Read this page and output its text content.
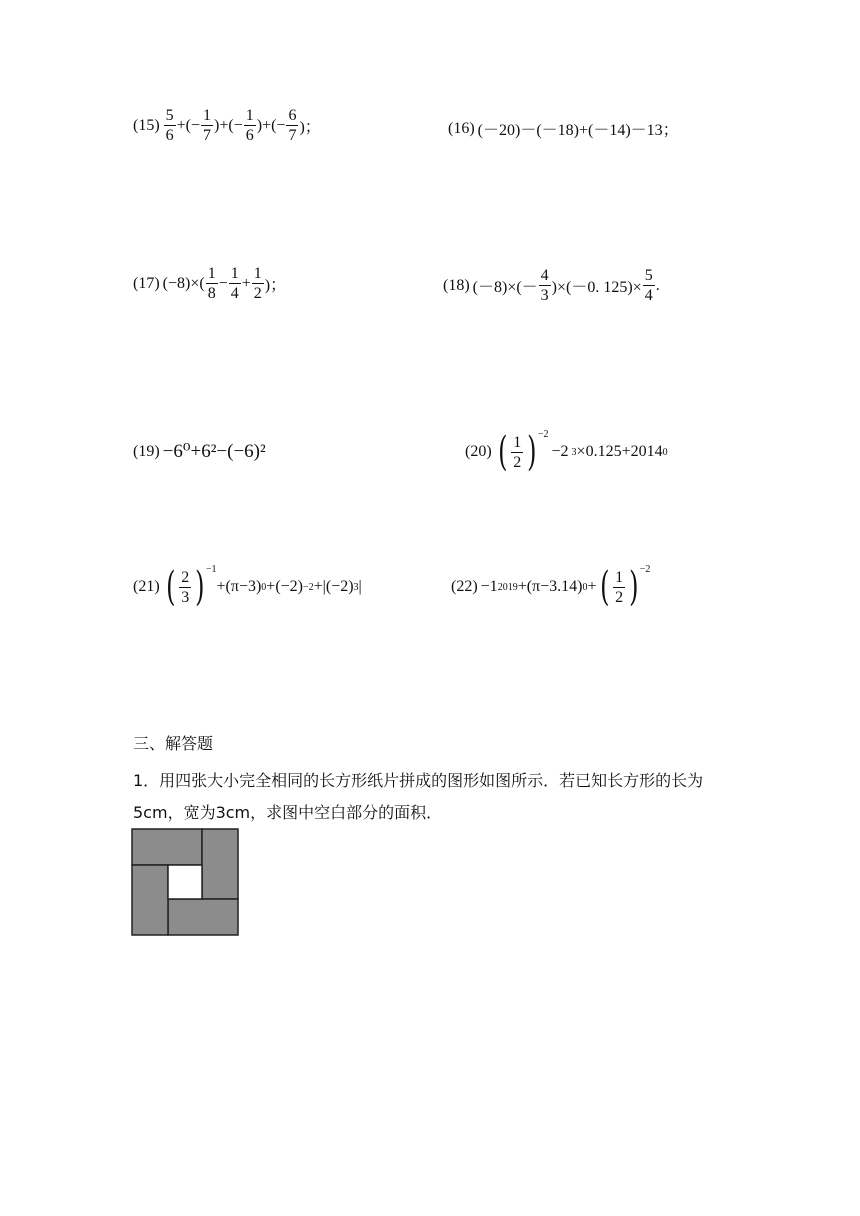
$(15) \frac{5}{6}$ +(− $\frac{1}{7}$ )+(− $\frac{1}{6}$ )+(− $\frac{6}{7}$ )；	(16) (－20)－(－18)+(－14)－13；
(17) $(-8)\times( \frac{1}{8} - \frac{1}{4} + \frac{1}{2}$ )；	(18) $(-8)\times(- \frac{4}{3} )\times(-0$. $125)\times \frac{5}{4}$ .
(19) −6⁰+6²−(−6)²	(20) ( $\frac{1}{2}$ ) −2
−2 3 ×0.125+2014 0
(21) ( $\frac{2}{3}$ ) −1
+(π−3) 0 +(−2) −2 +|(−2) 3 |	(22) −1 2019 +(π−3.14) 0 + ( $\frac{1}{2}$ ) −2
三、解答题
1．用四张大小完全相同的长方形纸片拼成的图形如图所示．若已知长方形的长为5cm，宽为3cm，求图中空白部分的面积．
